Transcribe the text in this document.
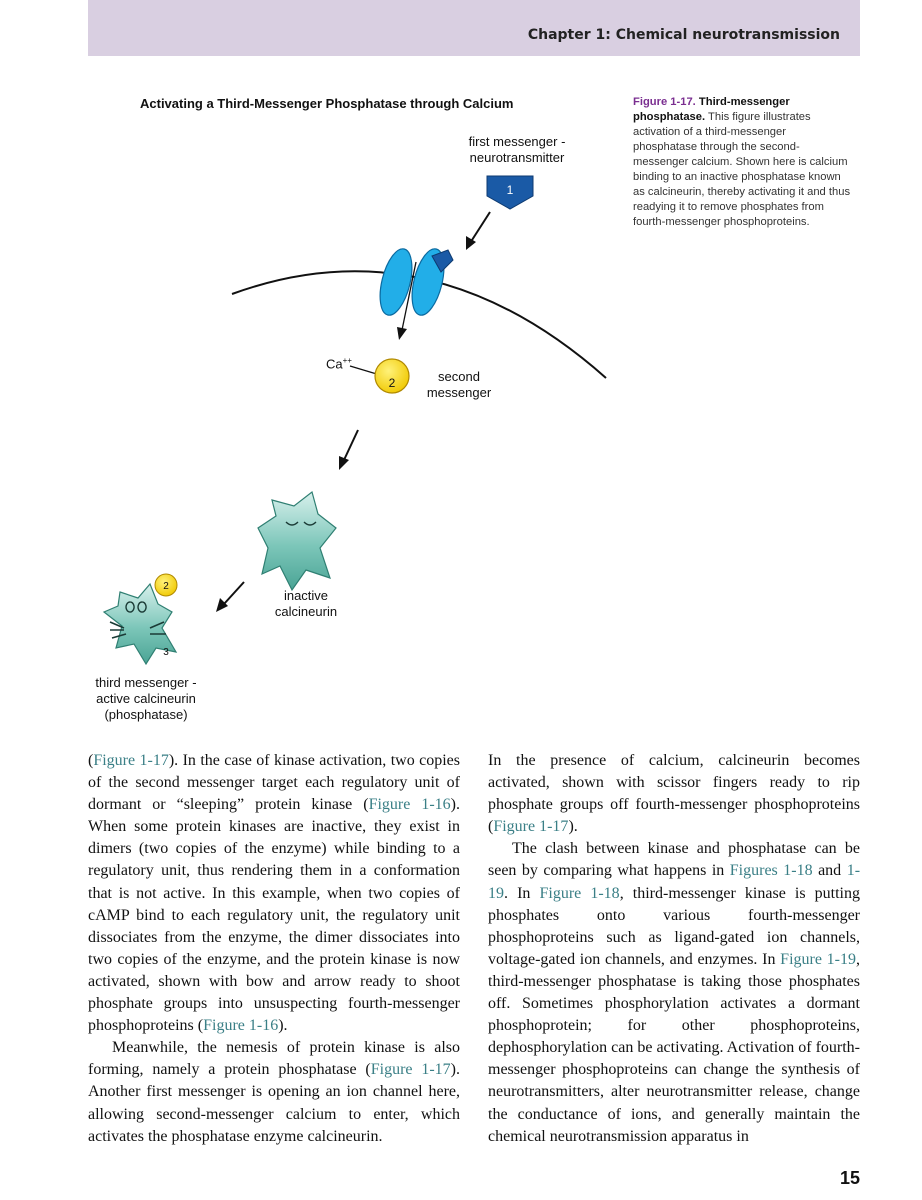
Chapter 1: Chemical neurotransmission
Activating a Third-Messenger Phosphatase through Calcium	Figure 1-17. Third-messenger phosphatase. This figure illustrates activation of a third-messenger phosphatase through the second-messenger calcium. Shown here is calcium binding to an inactive phosphatase known as calcineurin, thereby activating it and thus readying it to remove phosphates from fourth-messenger phosphoproteins.
1
2
2
3
first messenger -
neurotransmitter
Ca++
second
messenger
inactive
calcineurin
third messenger -
active calcineurin
(phosphatase)

(Figure 1-17). In the case of kinase activation, two copies of the second messenger target each regulatory unit of dormant or “sleeping” protein kinase (Figure 1-16). When some protein kinases are inactive, they exist in dimers (two copies of the enzyme) while binding to a regulatory unit, thus rendering them in a conformation that is not active. In this example, when two copies of cAMP bind to each regulatory unit, the regulatory unit dissociates from the enzyme, the dimer dissociates into two copies of the enzyme, and the protein kinase is now activated, shown with bow and arrow ready to shoot phosphate groups into unsuspecting fourth-messenger phosphoproteins (Figure 1-16).

Meanwhile, the nemesis of protein kinase is also forming, namely a protein phosphatase (Figure 1-17). Another first messenger is opening an ion channel here, allowing second-messenger calcium to enter, which activates the phosphatase enzyme calcineurin.

In the presence of calcium, calcineurin becomes activated, shown with scissor fingers ready to rip phosphate groups off fourth-messenger phosphoproteins (Figure 1-17).

The clash between kinase and phosphatase can be seen by comparing what happens in Figures 1-18 and 1-19. In Figure 1-18, third-messenger kinase is putting phosphates onto various fourth-messenger phosphoproteins such as ligand-gated ion channels, voltage-gated ion channels, and enzymes. In Figure 1-19, third-messenger phosphatase is taking those phosphates off. Sometimes phosphorylation activates a dormant phosphoprotein; for other phosphoproteins, dephosphorylation can be activating. Activation of fourth-messenger phosphoproteins can change the synthesis of neurotransmitters, alter neurotransmitter release, change the conductance of ions, and generally maintain the chemical neurotransmission apparatus in

15
